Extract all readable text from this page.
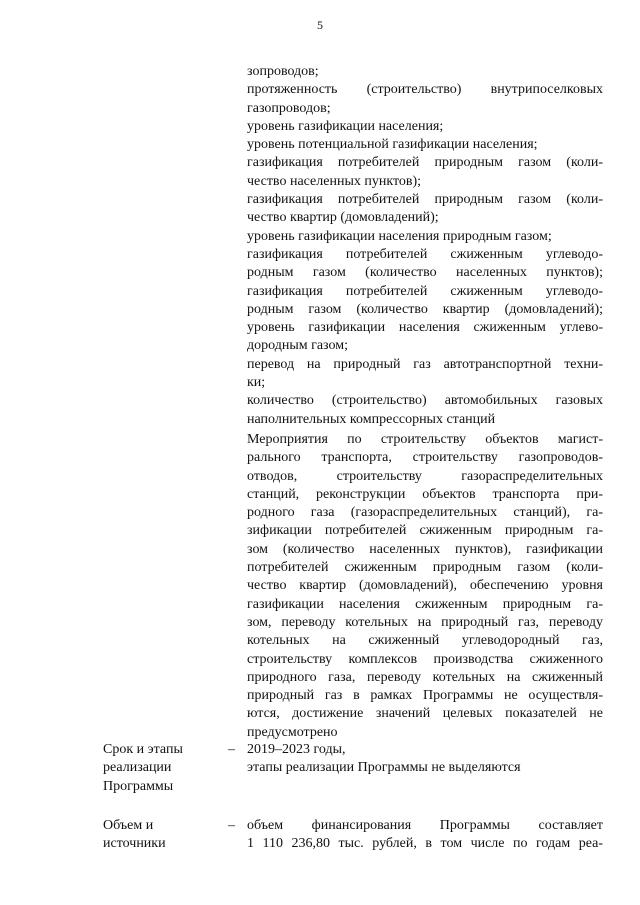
5
зопроводов;
протяженность (строительство) внутрипоселковых
газопроводов;
уровень газификации населения;
уровень потенциальной газификации населения;
газификация потребителей природным газом (коли-
чество населенных пунктов);
газификация потребителей природным газом (коли-
чество квартир (домовладений);
уровень газификации населения природным газом;
газификация потребителей сжиженным углеводо-
родным газом (количество населенных пунктов);
газификация потребителей сжиженным углеводо-
родным газом (количество квартир (домовладений);
уровень газификации населения сжиженным углево-
дородным газом;
перевод на природный газ автотранспортной техни-
ки;
количество (строительство) автомобильных газовых
наполнительных компрессорных станций
Мероприятия по строительству объектов магист-
рального транспорта, строительству газопроводов-
отводов, строительству газораспределительных
станций, реконструкции объектов транспорта при-
родного газа (газораспределительных станций), га-
зификации потребителей сжиженным природным га-
зом (количество населенных пунктов), газификации
потребителей сжиженным природным газом (коли-
чество квартир (домовладений), обеспечению уровня
газификации населения сжиженным природным га-
зом, переводу котельных на природный газ, переводу
котельных на сжиженный углеводородный газ,
строительству комплексов производства сжиженного
природного газа, переводу котельных на сжиженный
природный газ в рамках Программы не осуществля-
ются, достижение значений целевых показателей не
предусмотрено
Срок и этапы
реализации
Программы
– 2019–2023 годы,
этапы реализации Программы не выделяются
Объем и
источники
– объем финансирования Программы составляет
1 110 236,80 тыс. рублей, в том числе по годам реа-
